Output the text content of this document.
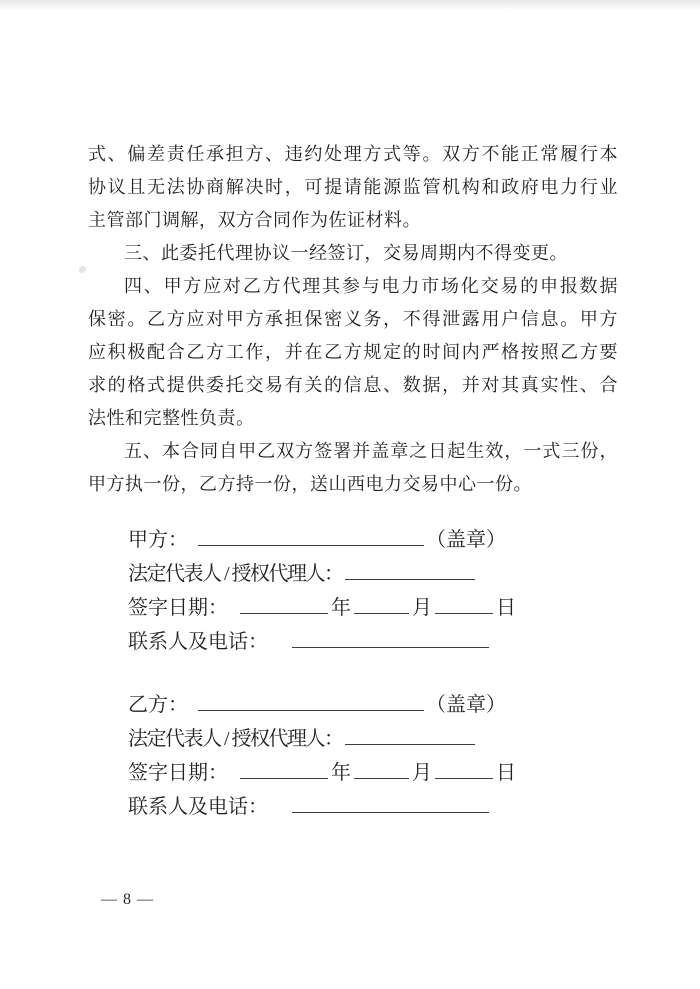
式、偏差责任承担方、违约处理方式等。双方不能正常履行本
协议且无法协商解决时，可提请能源监管机构和政府电力行业
主管部门调解，双方合同作为佐证材料。
三、此委托代理协议一经签订，交易周期内不得变更。
四、甲方应对乙方代理其参与电力市场化交易的申报数据
保密。乙方应对甲方承担保密义务，不得泄露用户信息。甲方
应积极配合乙方工作，并在乙方规定的时间内严格按照乙方要
求的格式提供委托交易有关的信息、数据，并对其真实性、合
法性和完整性负责。
五、本合同自甲乙双方签署并盖章之日起生效，一式三份，
甲方执一份，乙方持一份，送山西电力交易中心一份。
甲方：	（盖章）
法定代表人 / 授权代理人：
签字日期：	年	月	日
联系人及电话：
乙方：	（盖章）
法定代表人 / 授权代理人：
签字日期：	年	月	日
联系人及电话：
— 8 —
